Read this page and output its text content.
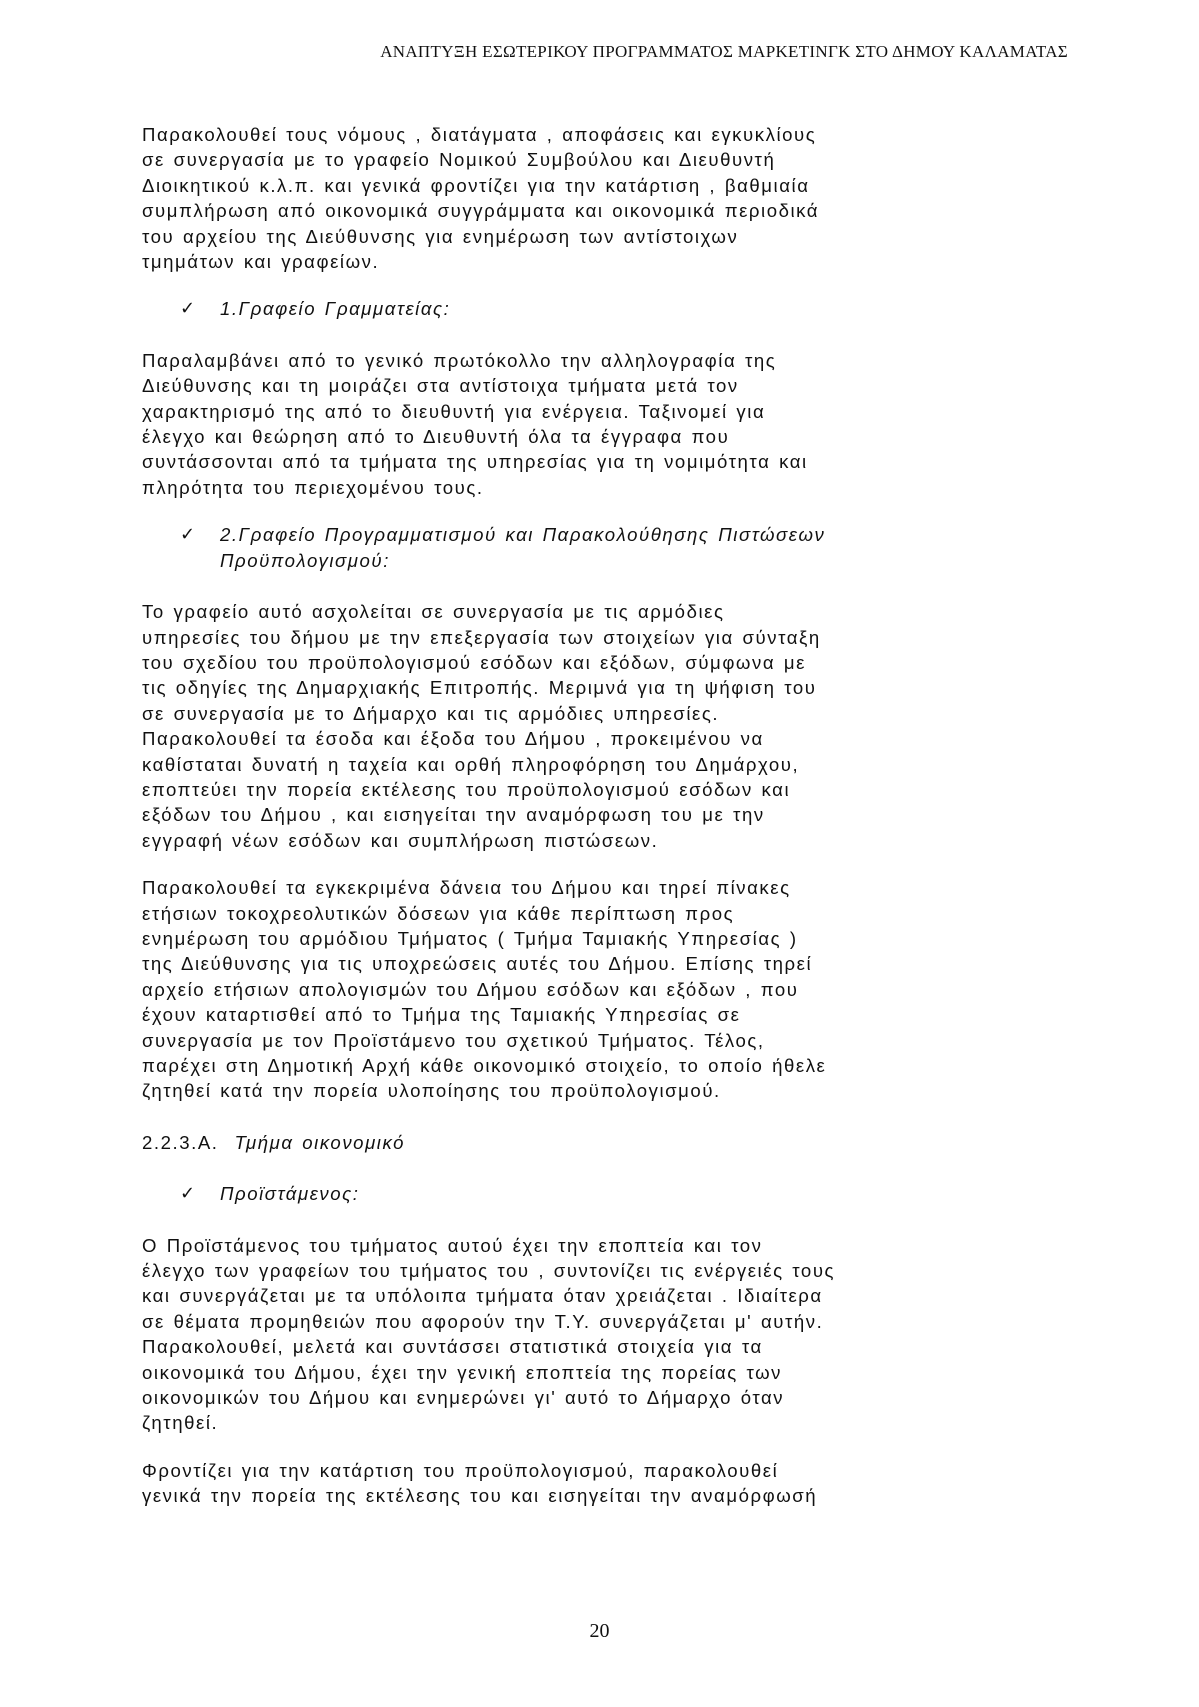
ΑΝΑΠΤΥΞΗ ΕΣΩΤΕΡΙΚΟΥ ΠΡΟΓΡΑΜΜΑΤΟΣ ΜΑΡΚΕΤΙΝΓΚ ΣΤΟ ΔΗΜΟΥ ΚΑΛΑΜΑΤΑΣ

Παρακολουθεί τους νόμους , διατάγματα , αποφάσεις και εγκυκλίους
σε συνεργασία με το γραφείο Νομικού Συμβούλου και Διευθυντή
Διοικητικού κ.λ.π. και γενικά φροντίζει για την κατάρτιση , βαθμιαία
συμπλήρωση από οικονομικά συγγράμματα και οικονομικά περιοδικά
του αρχείου της Διεύθυνσης για ενημέρωση των αντίστοιχων
τμημάτων και γραφείων.

✓ 1.Γραφείο Γραμματείας:

Παραλαμβάνει από το γενικό πρωτόκολλο την αλληλογραφία της
Διεύθυνσης και τη μοιράζει στα αντίστοιχα τμήματα μετά τον
χαρακτηρισμό της από το διευθυντή για ενέργεια. Ταξινομεί για
έλεγχο και θεώρηση από το Διευθυντή όλα τα έγγραφα που
συντάσσονται από τα τμήματα της υπηρεσίας για τη νομιμότητα και
πληρότητα του περιεχομένου τους.

✓ 2.Γραφείο Προγραμματισμού και Παρακολούθησης Πιστώσεων
Προϋπολογισμού:

Το γραφείο αυτό ασχολείται σε συνεργασία με τις αρμόδιες
υπηρεσίες του δήμου με την επεξεργασία των στοιχείων για σύνταξη
του σχεδίου του προϋπολογισμού εσόδων και εξόδων, σύμφωνα με
τις οδηγίες της Δημαρχιακής Επιτροπής. Μεριμνά για τη ψήφιση του
σε συνεργασία με το Δήμαρχο και τις αρμόδιες υπηρεσίες.
Παρακολουθεί τα έσοδα και έξοδα του Δήμου , προκειμένου να
καθίσταται δυνατή η ταχεία και ορθή πληροφόρηση του Δημάρχου,
εποπτεύει την πορεία εκτέλεσης του προϋπολογισμού εσόδων και
εξόδων του Δήμου , και εισηγείται την αναμόρφωση του με την
εγγραφή νέων εσόδων και συμπλήρωση πιστώσεων.

Παρακολουθεί τα εγκεκριμένα δάνεια του Δήμου και τηρεί πίνακες
ετήσιων τοκοχρεολυτικών δόσεων για κάθε περίπτωση προς
ενημέρωση του αρμόδιου Τμήματος ( Τμήμα Ταμιακής Υπηρεσίας )
της Διεύθυνσης για τις υποχρεώσεις αυτές του Δήμου. Επίσης τηρεί
αρχείο ετήσιων απολογισμών του Δήμου εσόδων και εξόδων , που
έχουν καταρτισθεί από το Τμήμα της Ταμιακής Υπηρεσίας σε
συνεργασία με τον Προϊστάμενο του σχετικού Τμήματος. Τέλος,
παρέχει στη Δημοτική Αρχή κάθε οικονομικό στοιχείο, το οποίο ήθελε
ζητηθεί κατά την πορεία υλοποίησης του προϋπολογισμού.

2.2.3.Α. Τμήμα οικονομικό
✓ Προϊστάμενος:

Ο Προϊστάμενος του τμήματος αυτού έχει την εποπτεία και τον
έλεγχο των γραφείων του τμήματος του , συντονίζει τις ενέργειές τους
και συνεργάζεται με τα υπόλοιπα τμήματα όταν χρειάζεται . Ιδιαίτερα
σε θέματα προμηθειών που αφορούν την Τ.Υ. συνεργάζεται μ' αυτήν.
Παρακολουθεί, μελετά και συντάσσει στατιστικά στοιχεία για τα
οικονομικά του Δήμου, έχει την γενική εποπτεία της πορείας των
οικονομικών του Δήμου και ενημερώνει γι' αυτό το Δήμαρχο όταν
ζητηθεί.

Φροντίζει για την κατάρτιση του προϋπολογισμού, παρακολουθεί
γενικά την πορεία της εκτέλεσης του και εισηγείται την αναμόρφωσή

20
